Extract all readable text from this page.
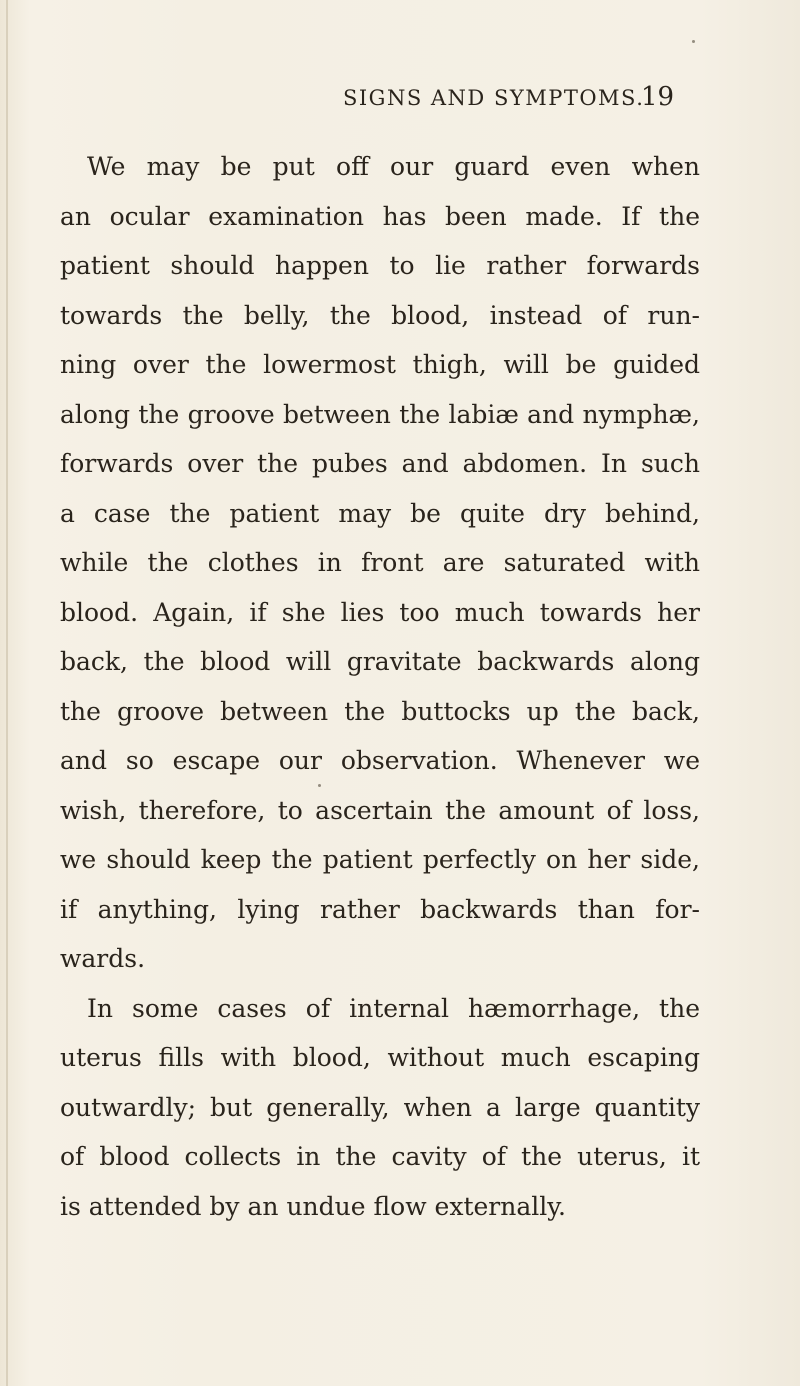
SIGNS AND SYMPTOMS.
19
We may be put off our guard even when
an ocular examination has been made. If the
patient should happen to lie rather forwards
towards the belly, the blood, instead of run-
ning over the lowermost thigh, will be guided
along the groove between the labiæ and nymphæ,
forwards over the pubes and abdomen. In such
a case the patient may be quite dry behind,
while the clothes in front are saturated with
blood. Again, if she lies too much towards her
back, the blood will gravitate backwards along
the groove between the buttocks up the back,
and so escape our observation. Whenever we
wish, therefore, to ascertain the amount of loss,
we should keep the patient perfectly on her side,
if anything, lying rather backwards than for-
wards.
In some cases of internal hæmorrhage, the
uterus fills with blood, without much escaping
outwardly; but generally, when a large quantity
of blood collects in the cavity of the uterus, it
is attended by an undue flow externally.
